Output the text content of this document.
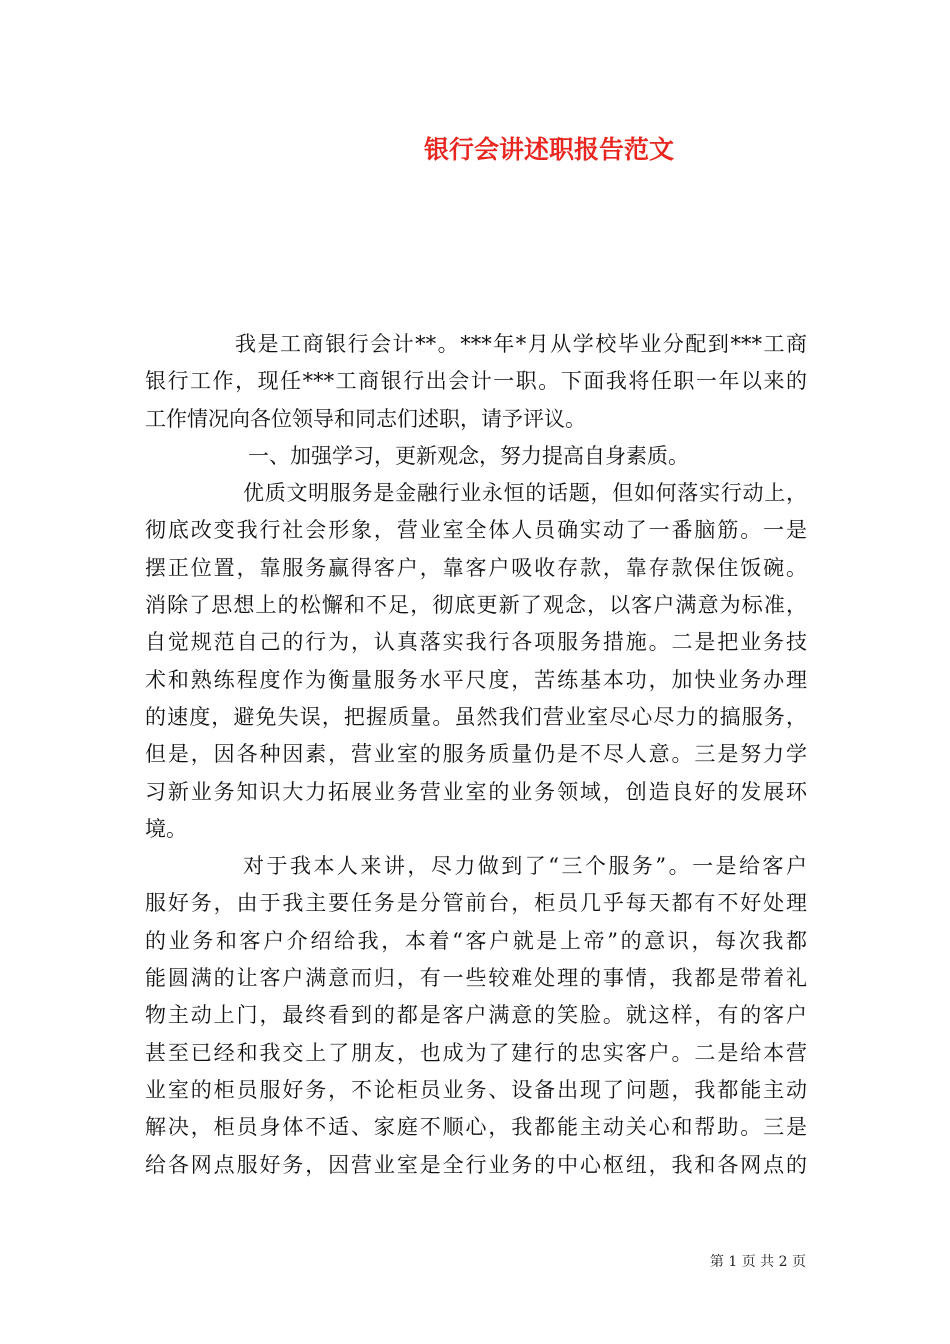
银行会讲述职报告范文
我是工商银行会计**。***年*月从学校毕业分配到***工商
银行工作，现任***工商银行出会计一职。下面我将任职一年以来的
工作情况向各位领导和同志们述职，请予评议。
一、加强学习，更新观念，努力提高自身素质。
优质文明服务是金融行业永恒的话题，但如何落实行动上，
彻底改变我行社会形象，营业室全体人员确实动了一番脑筋。一是
摆正位置，靠服务赢得客户，靠客户吸收存款，靠存款保住饭碗。
消除了思想上的松懈和不足，彻底更新了观念，以客户满意为标准，
自觉规范自己的行为，认真落实我行各项服务措施。二是把业务技
术和熟练程度作为衡量服务水平尺度，苦练基本功，加快业务办理
的速度，避免失误，把握质量。虽然我们营业室尽心尽力的搞服务，
但是，因各种因素，营业室的服务质量仍是不尽人意。三是努力学
习新业务知识大力拓展业务营业室的业务领域，创造良好的发展环
境。
对于我本人来讲，尽力做到了“三个服务”。一是给客户
服好务，由于我主要任务是分管前台，柜员几乎每天都有不好处理
的业务和客户介绍给我，本着“客户就是上帝”的意识，每次我都
能圆满的让客户满意而归，有一些较难处理的事情，我都是带着礼
物主动上门，最终看到的都是客户满意的笑脸。就这样，有的客户
甚至已经和我交上了朋友，也成为了建行的忠实客户。二是给本营
业室的柜员服好务，不论柜员业务、设备出现了问题，我都能主动
解决，柜员身体不适、家庭不顺心，我都能主动关心和帮助。三是
给各网点服好务，因营业室是全行业务的中心枢纽，我和各网点的
第 1 页 共 2 页
